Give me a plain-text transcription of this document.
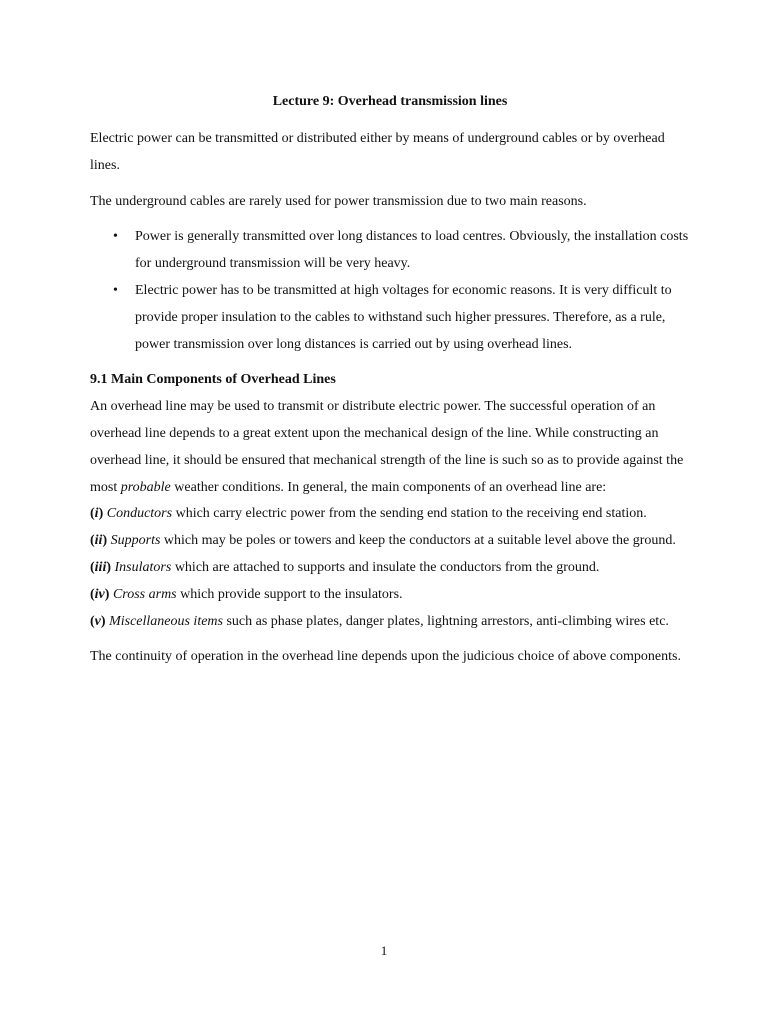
Lecture 9: Overhead transmission lines

Electric power can be transmitted or distributed either by means of underground cables or by overhead lines.

The underground cables are rarely used for power transmission due to two main reasons.

• Power is generally transmitted over long distances to load centres. Obviously, the installation costs for underground transmission will be very heavy.
• Electric power has to be transmitted at high voltages for economic reasons. It is very difficult to provide proper insulation to the cables to withstand such higher pressures. Therefore, as a rule, power transmission over long distances is carried out by using overhead lines.

9.1 Main Components of Overhead Lines

An overhead line may be used to transmit or distribute electric power. The successful operation of an overhead line depends to a great extent upon the mechanical design of the line. While constructing an overhead line, it should be ensured that mechanical strength of the line is such so as to provide against the most probable weather conditions. In general, the main components of an overhead line are:

(i) Conductors which carry electric power from the sending end station to the receiving end station.

(ii) Supports which may be poles or towers and keep the conductors at a suitable level above the ground.

(iii) Insulators which are attached to supports and insulate the conductors from the ground.

(iv) Cross arms which provide support to the insulators.

(v) Miscellaneous items such as phase plates, danger plates, lightning arrestors, anti-climbing wires etc.

The continuity of operation in the overhead line depends upon the judicious choice of above components.

1
